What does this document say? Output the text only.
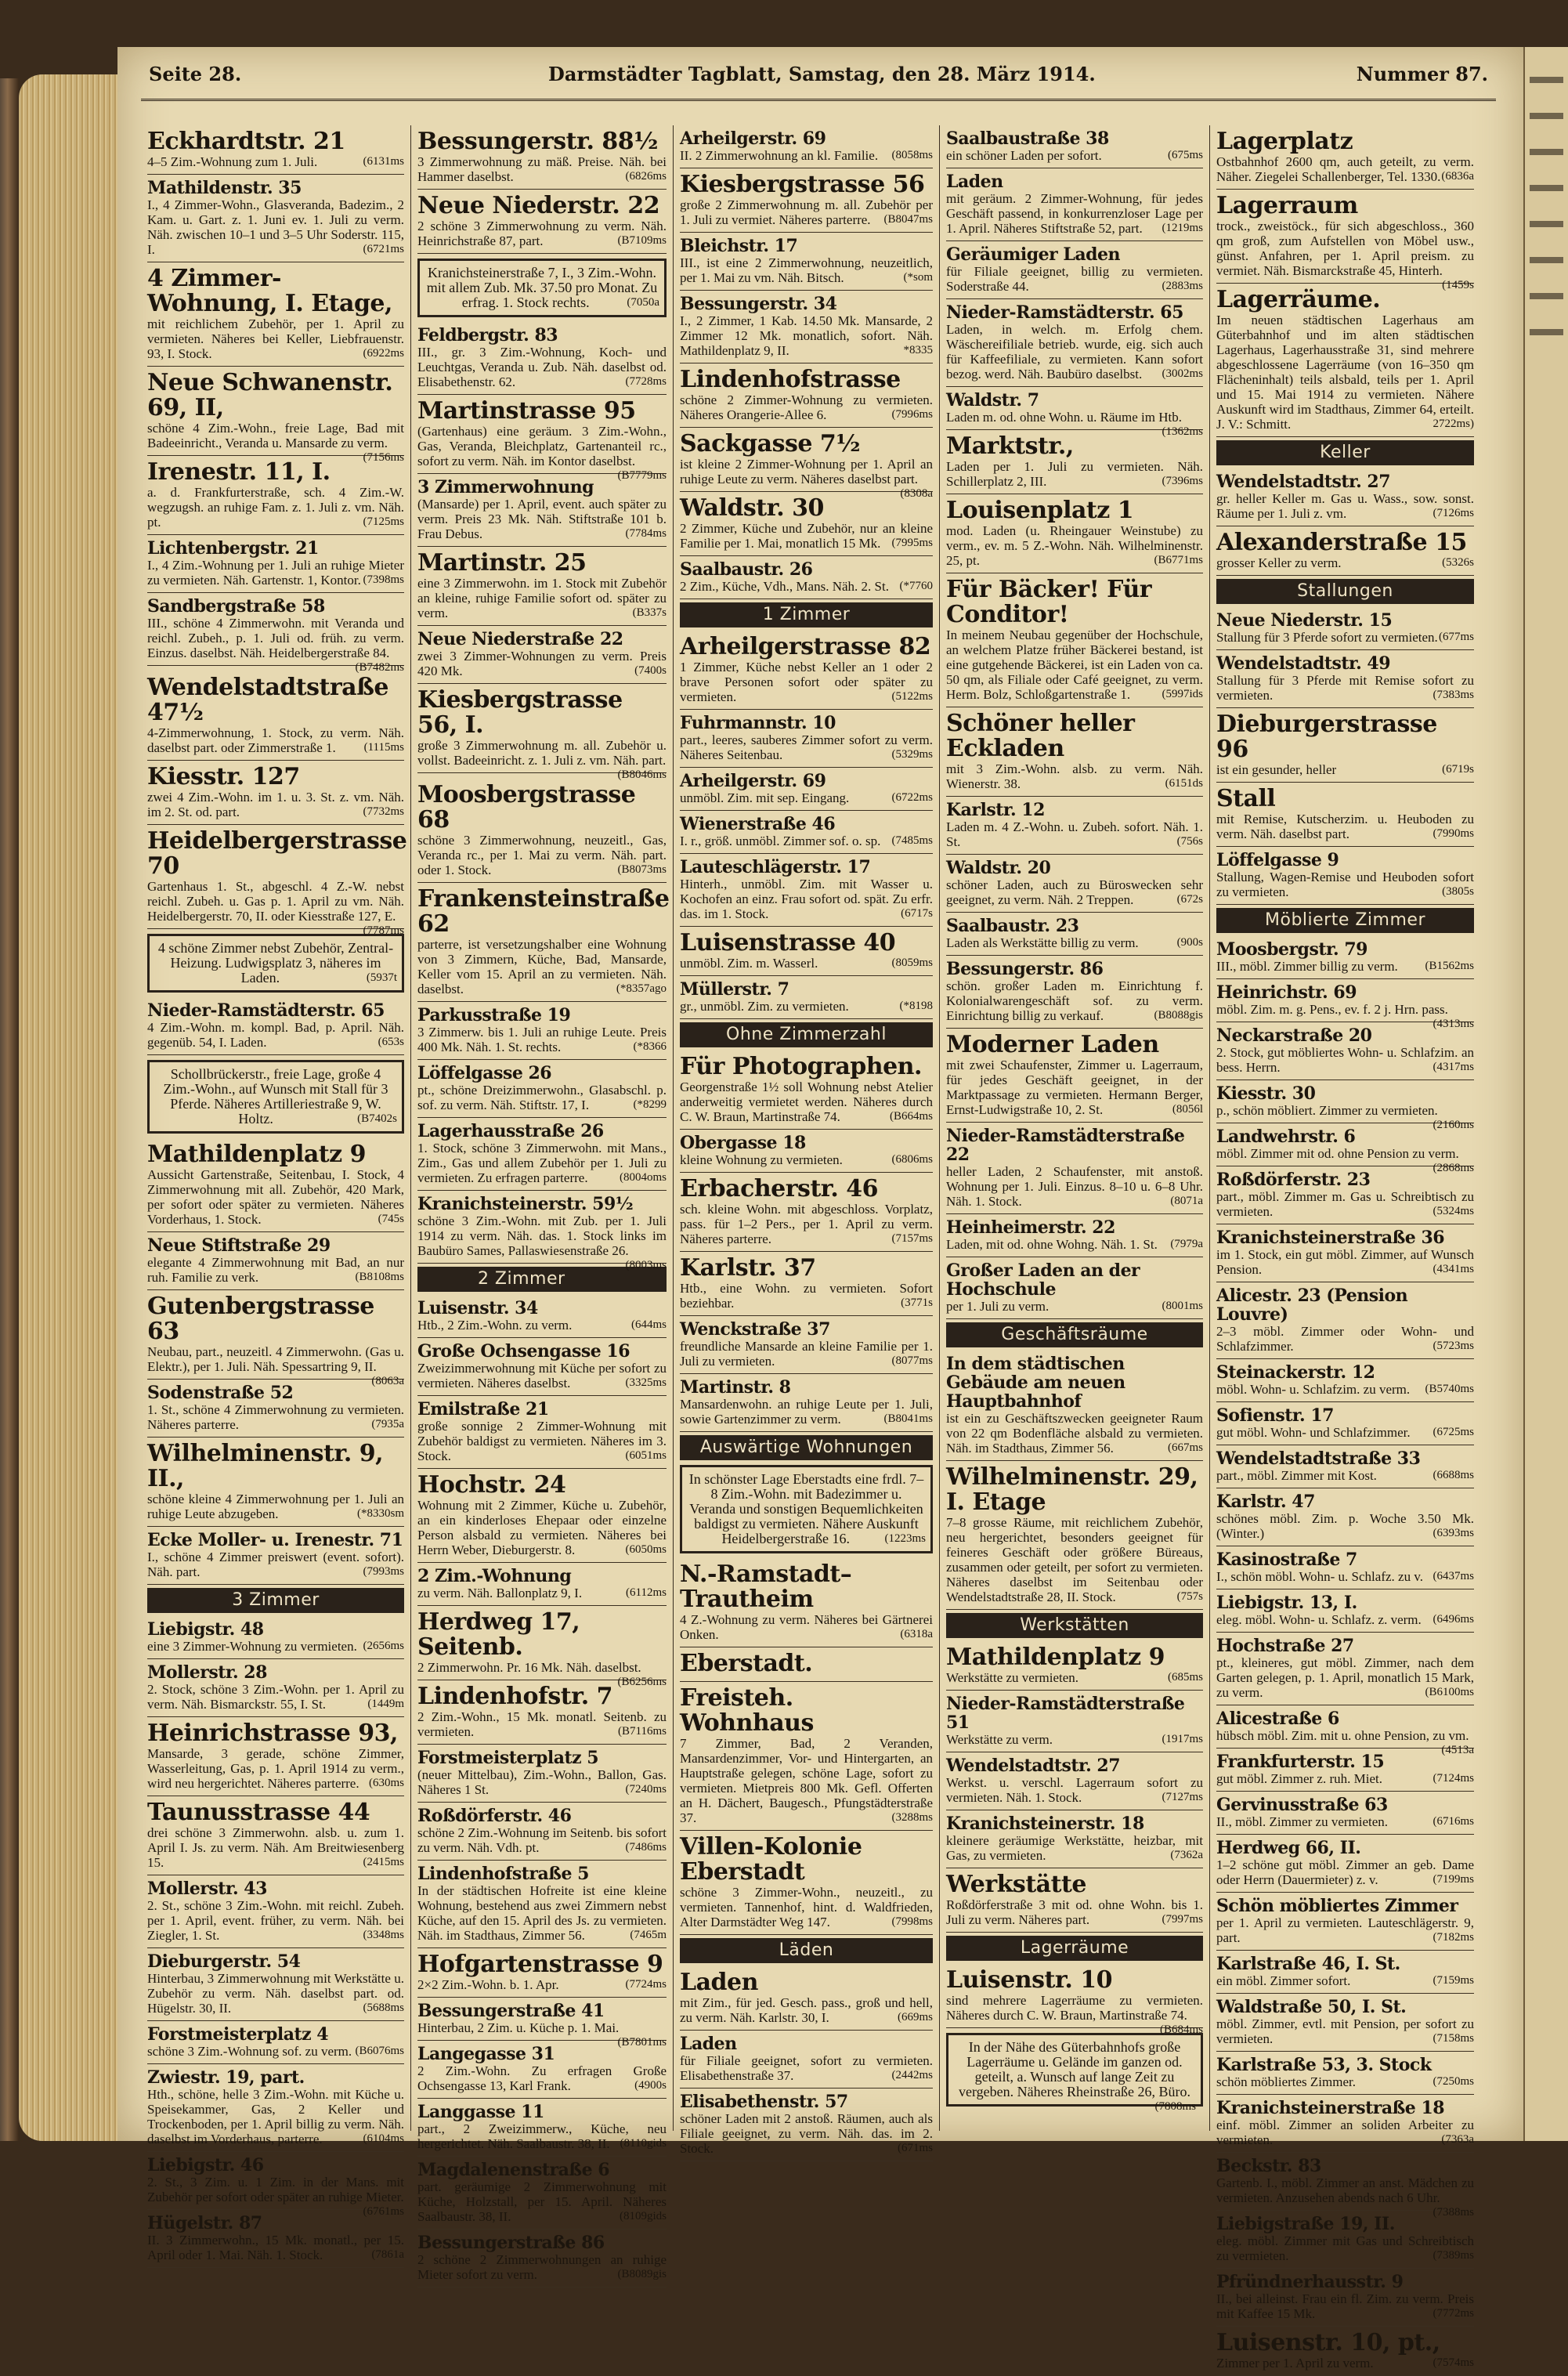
Seite 28.	Darmstädter Tagblatt, Samstag, den 28. März 1914.	Nummer 87.
Eckhardtstr. 21
4–5 Zim.-Wohnung zum 1. Juli.	(6131ms
Mathildenstr. 35
I., 4 Zimmer-Wohn., Glasveranda, Badezim., 2 Kam. u. Gart. z. 1. Juni ev. 1. Juli zu verm. Näh. zwischen 10–1 und 3–5 Uhr Soderstr. 115, I.	(6721ms
4 Zimmer-Wohnung, I. Etage,
mit reichlichem Zubehör, per 1. April zu vermieten. Näheres bei Keller, Liebfrauenstr. 93, I. Stock.	(6922ms
Neue Schwanenstr. 69, II,
schöne 4 Zim.-Wohn., freie Lage, Bad mit Badeeinricht., Veranda u. Mansarde zu verm.
(7156ms
Irenestr. 11, I.
a. d. Frankfurterstraße, sch. 4 Zim.-W. wegzugsh. an ruhige Fam. z. 1. Juli z. vm. Näh. pt.	(7125ms
Lichtenbergstr. 21
I., 4 Zim.-Wohnung per 1. Juli an ruhige Mieter zu vermieten. Näh. Gartenstr. 1, Kontor. (7398ms
Sandbergstraße 58
III., schöne 4 Zimmerwohn. mit Veranda und reichl. Zubeh., p. 1. Juli od. früh. zu verm. Einzus. daselbst. Näh. Heidelbergerstraße 84.
(B7482ms
Wendelstadtstraße 47½
4-Zimmerwohnung, 1. Stock, zu verm. Näh. daselbst part. oder Zimmerstraße 1. (1115ms
Kiesstr. 127
zwei 4 Zim.-Wohn. im 1. u. 3. St. z. vm. Näh. im 2. St. od. part.	(7732ms
Heidelbergerstrasse 70
Gartenhaus 1. St., abgeschl. 4 Z.-W. nebst reichl. Zubeh. u. Gas p. 1. April zu vm. Näh. Heidelbergerstr. 70, II. oder Kiesstraße 127, E.
(7787ms
4 schöne Zimmer nebst Zubehör, Zentral-Heizung. Ludwigsplatz 3, näheres im Laden.	(5937t
Nieder-Ramstädterstr. 65
4 Zim.-Wohn. m. kompl. Bad, p. April. Näh. gegenüb. 54, I. Laden.	(653s
Schollbrückerstr., freie Lage, große 4 Zim.-Wohn., auf Wunsch mit Stall für 3 Pferde. Näheres Artilleriestraße 9, W. Holtz.	(B7402s
Mathildenplatz 9
Aussicht Gartenstraße, Seitenbau, I. Stock, 4 Zimmerwohnung mit all. Zubehör, 420 Mark, per sofort oder später zu vermieten. Näheres Vorderhaus, 1. Stock.	(745s
Neue Stiftstraße 29
elegante 4 Zimmerwohnung mit Bad, an nur ruh. Familie zu verk.	(B8108ms
Gutenbergstrasse 63
Neubau, part., neuzeitl. 4 Zimmerwohn. (Gas u. Elektr.), per 1. Juli. Näh. Spessartring 9, II.
(8063a
Sodenstraße 52
1. St., schöne 4 Zimmerwohnung zu vermieten. Näheres parterre.	(7935a
Wilhelminenstr. 9, II.,
schöne kleine 4 Zimmerwohnung per 1. Juli an ruhige Leute abzugeben.	(*8330sm
Ecke Moller- u. Irenestr. 71
I., schöne 4 Zimmer preiswert (event. sofort). Näh. part.	(7993ms
3 Zimmer
Liebigstr. 48
eine 3 Zimmer-Wohnung zu vermieten. (2656ms
Mollerstr. 28
2. Stock, schöne 3 Zim.-Wohn. per 1. April zu verm. Näh. Bismarckstr. 55, I. St.	(1449m
Heinrichstrasse 93,
Mansarde, 3 gerade, schöne Zimmer, Wasserleitung, Gas, p. 1. April 1914 zu verm., wird neu hergerichtet. Näheres parterre. (630ms
Taunusstrasse 44
drei schöne 3 Zimmerwohn. alsb. u. zum 1. April I. Js. zu verm. Näh. Am Breitwiesenberg 15.	(2415ms
Mollerstr. 43
2. St., schöne 3 Zim.-Wohn. mit reichl. Zubeh. per 1. April, event. früher, zu verm. Näh. bei Ziegler, 1. St.	(3348ms
Dieburgerstr. 54
Hinterbau, 3 Zimmerwohnung mit Werkstätte u. Zubehör zu verm. Näh. daselbst part. od. Hügelstr. 30, II.	(5688ms
Forstmeisterplatz 4
schöne 3 Zim.-Wohnung sof. zu verm. (B6076ms
Zwiestr. 19, part.
Hth., schöne, helle 3 Zim.-Wohn. mit Küche u. Speisekammer, Gas, 2 Keller und Trockenboden, per 1. April billig zu verm. Näh. daselbst im Vorderhaus, parterre.	(6104ms
Liebigstr. 46
2. St., 3 Zim. u. 1 Zim. in der Mans. mit Zubehör per sofort oder später an ruhige Mieter.
(6761ms
Hügelstr. 87
II. 3 Zimmerwohn., 15 Mk. monatl., per 15. April oder 1. Mai. Näh. 1. Stock.	(7861a
Bessungerstr. 88½
3 Zimmerwohnung zu mäß. Preise. Näh. bei Hammer daselbst.	(6826ms
Neue Niederstr. 22
2 schöne 3 Zimmerwohnung zu verm. Näh. Heinrichstraße 87, part.	(B7109ms
Kranichsteinerstraße 7, I., 3 Zim.-Wohn. mit allem Zub. Mk. 37.50 pro Monat. Zu erfrag. 1. Stock rechts.	(7050a
Feldbergstr. 83
III., gr. 3 Zim.-Wohnung, Koch- und Leuchtgas, Veranda u. Zub. Näh. daselbst od. Elisabethenstr. 62.	(7728ms
Martinstrasse 95
(Gartenhaus) eine geräum. 3 Zim.-Wohn., Gas, Veranda, Bleichplatz, Gartenanteil rc., sofort zu verm. Näh. im Kontor daselbst.
(B7779ms
3 Zimmerwohnung
(Mansarde) per 1. April, event. auch später zu verm. Preis 23 Mk. Näh. Stiftstraße 101 b. Frau Debus.	(7784ms
Martinstr. 25
eine 3 Zimmerwohn. im 1. Stock mit Zubehör an kleine, ruhige Familie sofort od. später zu verm.	(B337s
Neue Niederstraße 22
zwei 3 Zimmer-Wohnungen zu verm. Preis 420 Mk.	(7400s
Kiesbergstrasse 56, I.
große 3 Zimmerwohnung m. all. Zubehör u. vollst. Badeeinricht. z. 1. Juli z. vm. Näh. part.
(B8046ms
Moosbergstrasse 68
schöne 3 Zimmerwohnung, neuzeitl., Gas, Veranda rc., per 1. Mai zu verm. Näh. part. oder 1. Stock.	(B8073ms
Frankensteinstraße 62
parterre, ist versetzungshalber eine Wohnung von 3 Zimmern, Küche, Bad, Mansarde, Keller vom 15. April an zu vermieten. Näh. daselbst.	(*8357ago
Parkusstraße 19
3 Zimmerw. bis 1. Juli an ruhige Leute. Preis 400 Mk. Näh. 1. St. rechts.	(*8366
Löffelgasse 26
pt., schöne Dreizimmerwohn., Glasabschl. p. sof. zu verm. Näh. Stiftstr. 17, I.	(*8299
Lagerhausstraße 26
1. Stock, schöne 3 Zimmerwohn. mit Mans., Zim., Gas und allem Zubehör per 1. Juli zu vermieten. Zu erfragen parterre.	(8004oms
Kranichsteinerstr. 59½
schöne 3 Zim.-Wohn. mit Zub. per 1. Juli 1914 zu verm. Näh. das. 1. Stock links im Baubüro Sames, Pallaswiesenstraße 26.
(8003ms
2 Zimmer
Luisenstr. 34
Htb., 2 Zim.-Wohn. zu verm.	(644ms
Große Ochsengasse 16
Zweizimmerwohnung mit Küche per sofort zu vermieten. Näheres daselbst.	(3325ms
Emilstraße 21
große sonnige 2 Zimmer-Wohnung mit Zubehör baldigst zu vermieten. Näheres im 3. Stock.	(6051ms
Hochstr. 24
Wohnung mit 2 Zimmer, Küche u. Zubehör, an ein kinderloses Ehepaar oder einzelne Person alsbald zu vermieten. Näheres bei Herrn Weber, Dieburgerstr. 8.	(6050ms
2 Zim.-Wohnung
zu verm. Näh. Ballonplatz 9, I.	(6112ms
Herdweg 17, Seitenb.
2 Zimmerwohn. Pr. 16 Mk. Näh. daselbst.
(B6256ms
Lindenhofstr. 7
2 Zim.-Wohn., 15 Mk. monatl. Seitenb. zu vermieten.	(B7116ms
Forstmeisterplatz 5
(neuer Mittelbau), Zim.-Wohn., Ballon, Gas. Näheres 1 St.	(7240ms
Roßdörferstr. 46
schöne 2 Zim.-Wohnung im Seitenb. bis sofort zu verm. Näh. Vdh. pt.	(7486ms
Lindenhofstraße 5
In der städtischen Hofreite ist eine kleine Wohnung, bestehend aus zwei Zimmern nebst Küche, auf den 15. April des Js. zu vermieten. Näh. im Stadthaus, Zimmer 56.	(7465m
Hofgartenstrasse 9
2×2 Zim.-Wohn. b. 1. Apr.	(7724ms
Bessungerstraße 41
Hinterbau, 2 Zim. u. Küche p. 1. Mai.
(B7801ms
Langegasse 31
2 Zim.-Wohn. Zu erfragen Große Ochsengasse 13, Karl Frank.	(4900s
Langgasse 11
part., 2 Zweizimmerw., Küche, neu hergerichtet. Näh. Saalbaustr. 38, II. (8110gids
Magdalenenstraße 6
part. geräumige 2 Zimmerwohnung mit Küche, Holzstall, per 15. April. Näheres Saalbaustr. 38, II.	(8109gids
Bessungerstraße 86
2 schöne 2 Zimmerwohnungen an ruhige Mieter sofort zu verm.	(B8089gis
Arheilgerstr. 69
II. 2 Zimmerwohnung an kl. Familie. (8058ms
Kiesbergstrasse 56
große 2 Zimmerwohnung m. all. Zubehör per 1. Juli zu vermiet. Näheres parterre. (B8047ms
Bleichstr. 17
III., ist eine 2 Zimmerwohnung, neuzeitlich, per 1. Mai zu vm. Näh. Bitsch.	(*som
Bessungerstr. 34
I., 2 Zimmer, 1 Kab. 14.50 Mk. Mansarde, 2 Zimmer 12 Mk. monatlich, sofort. Näh. Mathildenplatz 9, II.	*8335
Lindenhofstrasse
schöne 2 Zimmer-Wohnung zu vermieten. Näheres Orangerie-Allee 6.	(7996ms
Sackgasse 7½
ist kleine 2 Zimmer-Wohnung per 1. April an ruhige Leute zu verm. Näheres daselbst part.
(8308a
Waldstr. 30
2 Zimmer, Küche und Zubehör, nur an kleine Familie per 1. Mai, monatlich 15 Mk. (7995ms
Saalbaustr. 26
2 Zim., Küche, Vdh., Mans. Näh. 2. St. (*7760
1 Zimmer
Arheilgerstrasse 82
1 Zimmer, Küche nebst Keller an 1 oder 2 brave Personen sofort oder später zu vermieten.	(5122ms
Fuhrmannstr. 10
part., leeres, sauberes Zimmer sofort zu verm. Näheres Seitenbau.	(5329ms
Arheilgerstr. 69
unmöbl. Zim. mit sep. Eingang.	(6722ms
Wienerstraße 46
I. r., größ. unmöbl. Zimmer sof. o. sp. (7485ms
Lauteschlägerstr. 17
Hinterh., unmöbl. Zim. mit Wasser u. Kochofen an einz. Frau sofort od. spät. Zu erfr. das. im 1. Stock.	(6717s
Luisenstrasse 40
unmöbl. Zim. m. Wasserl.	(8059ms
Müllerstr. 7
gr., unmöbl. Zim. zu vermieten.	(*8198
Ohne Zimmerzahl
Für Photographen.
Georgenstraße 1½ soll Wohnung nebst Atelier anderweitig vermietet werden. Näheres durch C. W. Braun, Martinstraße 74.	(B664ms
Obergasse 18
kleine Wohnung zu vermieten.	(6806ms
Erbacherstr. 46
sch. kleine Wohn. mit abgeschloss. Vorplatz, pass. für 1–2 Pers., per 1. April zu verm. Näheres parterre.	(7157ms
Karlstr. 37
Htb., eine Wohn. zu vermieten. Sofort beziehbar.	(3771s
Wenckstraße 37
freundliche Mansarde an kleine Familie per 1. Juli zu vermieten.	(8077ms
Martinstr. 8
Mansardenwohn. an ruhige Leute per 1. Juli, sowie Gartenzimmer zu verm.	(B8041ms
Auswärtige Wohnungen
In schönster Lage Eberstadts eine frdl. 7–8 Zim.-Wohn. mit Badezimmer u. Veranda und sonstigen Bequemlichkeiten baldigst zu vermieten. Nähere Auskunft Heidelbergerstraße 16.	(1223ms
N.-Ramstadt–Trautheim
4 Z.-Wohnung zu verm. Näheres bei Gärtnerei Onken.	(6318a
Eberstadt.
Freisteh. Wohnhaus
7 Zimmer, Bad, 2 Veranden, Mansardenzimmer, Vor- und Hintergarten, an Hauptstraße gelegen, schöne Lage, sofort zu vermieten. Mietpreis 800 Mk. Gefl. Offerten an H. Dächert, Baugesch., Pfungstädterstraße 37.	(3288ms
Villen-Kolonie Eberstadt
schöne 3 Zimmer-Wohn., neuzeitl., zu vermieten. Tannenhof, hint. d. Waldfrieden, Alter Darmstädter Weg 147.	(7998ms
Läden
Laden
mit Zim., für jed. Gesch. pass., groß und hell, zu verm. Näh. Karlstr. 30, I.	(669ms
Laden
für Filiale geeignet, sofort zu vermieten. Elisabethenstraße 37.	(2442ms
Elisabethenstr. 57
schöner Laden mit 2 anstoß. Räumen, auch als Filiale geeignet, zu verm. Näh. das. im 2. Stock.	(671ms
Saalbaustraße 38
ein schöner Laden per sofort.	(675ms
Laden
mit geräum. 2 Zimmer-Wohnung, für jedes Geschäft passend, in konkurrenzloser Lage per 1. April. Näheres Stiftstraße 52, part. (1219ms
Geräumiger Laden
für Filiale geeignet, billig zu vermieten. Soderstraße 44.	(2883ms
Nieder-Ramstädterstr. 65
Laden, in welch. m. Erfolg chem. Wäschereifiliale betrieb. wurde, eig. sich auch für Kaffeefiliale, zu vermieten. Kann sofort bezog. werd. Näh. Baubüro daselbst. (3002ms
Waldstr. 7
Laden m. od. ohne Wohn. u. Räume im Htb.
(1362ms
Marktstr.,
Laden per 1. Juli zu vermieten. Näh. Schillerplatz 2, III.	(7396ms
Louisenplatz 1
mod. Laden (u. Rheingauer Weinstube) zu verm., ev. m. 5 Z.-Wohn. Näh. Wilhelminenstr. 25, pt.	(B6771ms
Für Bäcker! Für Conditor!
In meinem Neubau gegenüber der Hochschule, an welchem Platze früher Bäckerei bestand, ist eine gutgehende Bäckerei, ist ein Laden von ca. 50 qm, als Filiale oder Café geeignet, zu verm. Herm. Bolz, Schloßgartenstraße 1.	(5997ids
Schöner heller Eckladen
mit 3 Zim.-Wohn. alsb. zu verm. Näh. Wienerstr. 38.	(6151ds
Karlstr. 12
Laden m. 4 Z.-Wohn. u. Zubeh. sofort. Näh. 1. St.	(756s
Waldstr. 20
schöner Laden, auch zu Büroswecken sehr geeignet, zu verm. Näh. 2 Treppen.	(672s
Saalbaustr. 23
Laden als Werkstätte billig zu verm.	(900s
Bessungerstr. 86
schön. großer Laden m. Einrichtung f. Kolonialwarengeschäft sof. zu verm. Einrichtung billig zu verkauf.	(B8088gis
Moderner Laden
mit zwei Schaufenster, Zimmer u. Lagerraum, für jedes Geschäft geeignet, in der Marktpassage zu vermieten. Hermann Berger, Ernst-Ludwigstraße 10, 2. St.	(8056l
Nieder-Ramstädterstraße 22
heller Laden, 2 Schaufenster, mit anstoß. Wohnung per 1. Juli. Einzus. 8–10 u. 6–8 Uhr. Näh. 1. Stock.	(8071a
Heinheimerstr. 22
Laden, mit od. ohne Wohng. Näh. 1. St. (7979a
Großer Laden an der Hochschule
per 1. Juli zu verm.	(8001ms
Geschäftsräume
In dem städtischen Gebäude am neuen Hauptbahnhof
ist ein zu Geschäftszwecken geeigneter Raum von 22 qm Bodenfläche alsbald zu vermieten. Näh. im Stadthaus, Zimmer 56.	(667ms
Wilhelminenstr. 29, I. Etage
7–8 grosse Räume, mit reichlichem Zubehör, neu hergerichtet, besonders geeignet für feineres Geschäft oder größere Büreaus, zusammen oder geteilt, per sofort zu vermieten. Näheres daselbst im Seitenbau oder Wendelstadtstraße 28, II. Stock.	(757s
Werkstätten
Mathildenplatz 9
Werkstätte zu vermieten.	(685ms
Nieder-Ramstädterstraße 51
Werkstätte zu verm.	(1917ms
Wendelstadtstr. 27
Werkst. u. verschl. Lagerraum sofort zu vermieten. Näh. 1. Stock.	(7127ms
Kranichsteinerstr. 18
kleinere geräumige Werkstätte, heizbar, mit Gas, zu vermieten.	(7362a
Werkstätte
Roßdörferstraße 3 mit od. ohne Wohn. bis 1. Juli zu verm. Näheres part.	(7997ms
Lagerräume
Luisenstr. 10
sind mehrere Lagerräume zu vermieten. Näheres durch C. W. Braun, Martinstraße 74.
(B684ms
In der Nähe des Güterbahnhofs große Lagerräume u. Gelände im ganzen od. geteilt, a. Wunsch auf lange Zeit zu vergeben. Näheres Rheinstraße 26, Büro.
(7808ms
Lagerplatz
Ostbahnhof 2600 qm, auch geteilt, zu verm. Näher. Ziegelei Schallenberger, Tel. 1330. (6836a
Lagerraum
trock., zweistöck., für sich abgeschloss., 360 qm groß, zum Aufstellen von Möbel usw., günst. Anfahren, per 1. April preism. zu vermiet. Näh. Bismarckstraße 45, Hinterh.
(1459s
Lagerräume.
Im neuen städtischen Lagerhaus am Güterbahnhof und im alten städtischen Lagerhaus, Lagerhausstraße 31, sind mehrere abgeschlossene Lagerräume (von 16–350 qm Flächeninhalt) teils alsbald, teils per 1. April und 15. Mai 1914 zu vermieten. Nähere Auskunft wird im Stadthaus, Zimmer 64, erteilt. J. V.: Schmitt.	2722ms)
Keller
Wendelstadtstr. 27
gr. heller Keller m. Gas u. Wass., sow. sonst. Räume per 1. Juli z. vm.	(7126ms
Alexanderstraße 15
grosser Keller zu verm.	(5326s
Stallungen
Neue Niederstr. 15
Stallung für 3 Pferde sofort zu vermieten. (677ms
Wendelstadtstr. 49
Stallung für 3 Pferde mit Remise sofort zu vermieten.	(7383ms
Dieburgerstrasse 96
ist ein gesunder, heller	(6719s
Stall
mit Remise, Kutscherzim. u. Heuboden zu verm. Näh. daselbst part.	(7990ms
Löffelgasse 9
Stallung, Wagen-Remise und Heuboden sofort zu vermieten.	(3805s
Möblierte Zimmer
Moosbergstr. 79
III., möbl. Zimmer billig zu verm. (B1562ms
Heinrichstr. 69
möbl. Zim. m. g. Pens., ev. f. 2 j. Hrn. pass.
(4313ms
Neckarstraße 20
2. Stock, gut möbliertes Wohn- u. Schlafzim. an bess. Herrn.	(4317ms
Kiesstr. 30
p., schön möbliert. Zimmer zu vermieten.
(2160ms
Landwehrstr. 6
möbl. Zimmer mit od. ohne Pension zu verm.
(2868ms
Roßdörferstr. 23
part., möbl. Zimmer m. Gas u. Schreibtisch zu vermieten.	(5324ms
Kranichsteinerstraße 36
im 1. Stock, ein gut möbl. Zimmer, auf Wunsch Pension.	(4341ms
Alicestr. 23 (Pension Louvre)
2–3 möbl. Zimmer oder Wohn- und Schlafzimmer.	(5723ms
Steinackerstr. 12
möbl. Wohn- u. Schlafzim. zu verm. (B5740ms
Sofienstr. 17
gut möbl. Wohn- und Schlafzimmer. (6725ms
Wendelstadtstraße 33
part., möbl. Zimmer mit Kost.	(6688ms
Karlstr. 47
schönes möbl. Zim. p. Woche 3.50 Mk. (Winter.)	(6393ms
Kasinostraße 7
I., schön möbl. Wohn- u. Schlafz. zu v. (6437ms
Liebigstr. 13, I.
eleg. möbl. Wohn- u. Schlafz. z. verm. (6496ms
Hochstraße 27
pt., kleineres, gut möbl. Zimmer, nach dem Garten gelegen, p. 1. April, monatlich 15 Mark, zu verm.	(B6100ms
Alicestraße 6
hübsch möbl. Zim. mit u. ohne Pension, zu vm.
(4513a
Frankfurterstr. 15
gut möbl. Zimmer z. ruh. Miet.	(7124ms
Gervinusstraße 63
II., möbl. Zimmer zu vermieten.	(6716ms
Herdweg 66, II.
1–2 schöne gut möbl. Zimmer an geb. Dame oder Herrn (Dauermieter) z. v.	(7199ms
Schön möbliertes Zimmer
per 1. April zu vermieten. Lauteschlägerstr. 9, part.	(7182ms
Karlstraße 46, I. St.
ein möbl. Zimmer sofort.	(7159ms
Waldstraße 50, I. St.
möbl. Zimmer, evtl. mit Pension, per sofort zu vermieten.	(7158ms
Karlstraße 53, 3. Stock
schön möbliertes Zimmer.	(7250ms
Kranichsteinerstraße 18
einf. möbl. Zimmer an soliden Arbeiter zu vermieten.	(7363a
Beckstr. 83
Gartenb. I., möbl. Zimmer an anst. Mädchen zu vermieten. Anzusehen abends nach 6 Uhr.
(7388ms
Liebigstraße 19, II.
eleg. möbl. Zimmer mit Gas und Schreibtisch zu vermieten.	(7389ms
Pfründnerhausstr. 9
II., bei alleinst. Frau ein fl. Zim. zu verm. Preis mit Kaffee 15 Mk.	(7772ms
Luisenstr. 10, pt.,
Zimmer per 1. April zu verm.	(7574ms
